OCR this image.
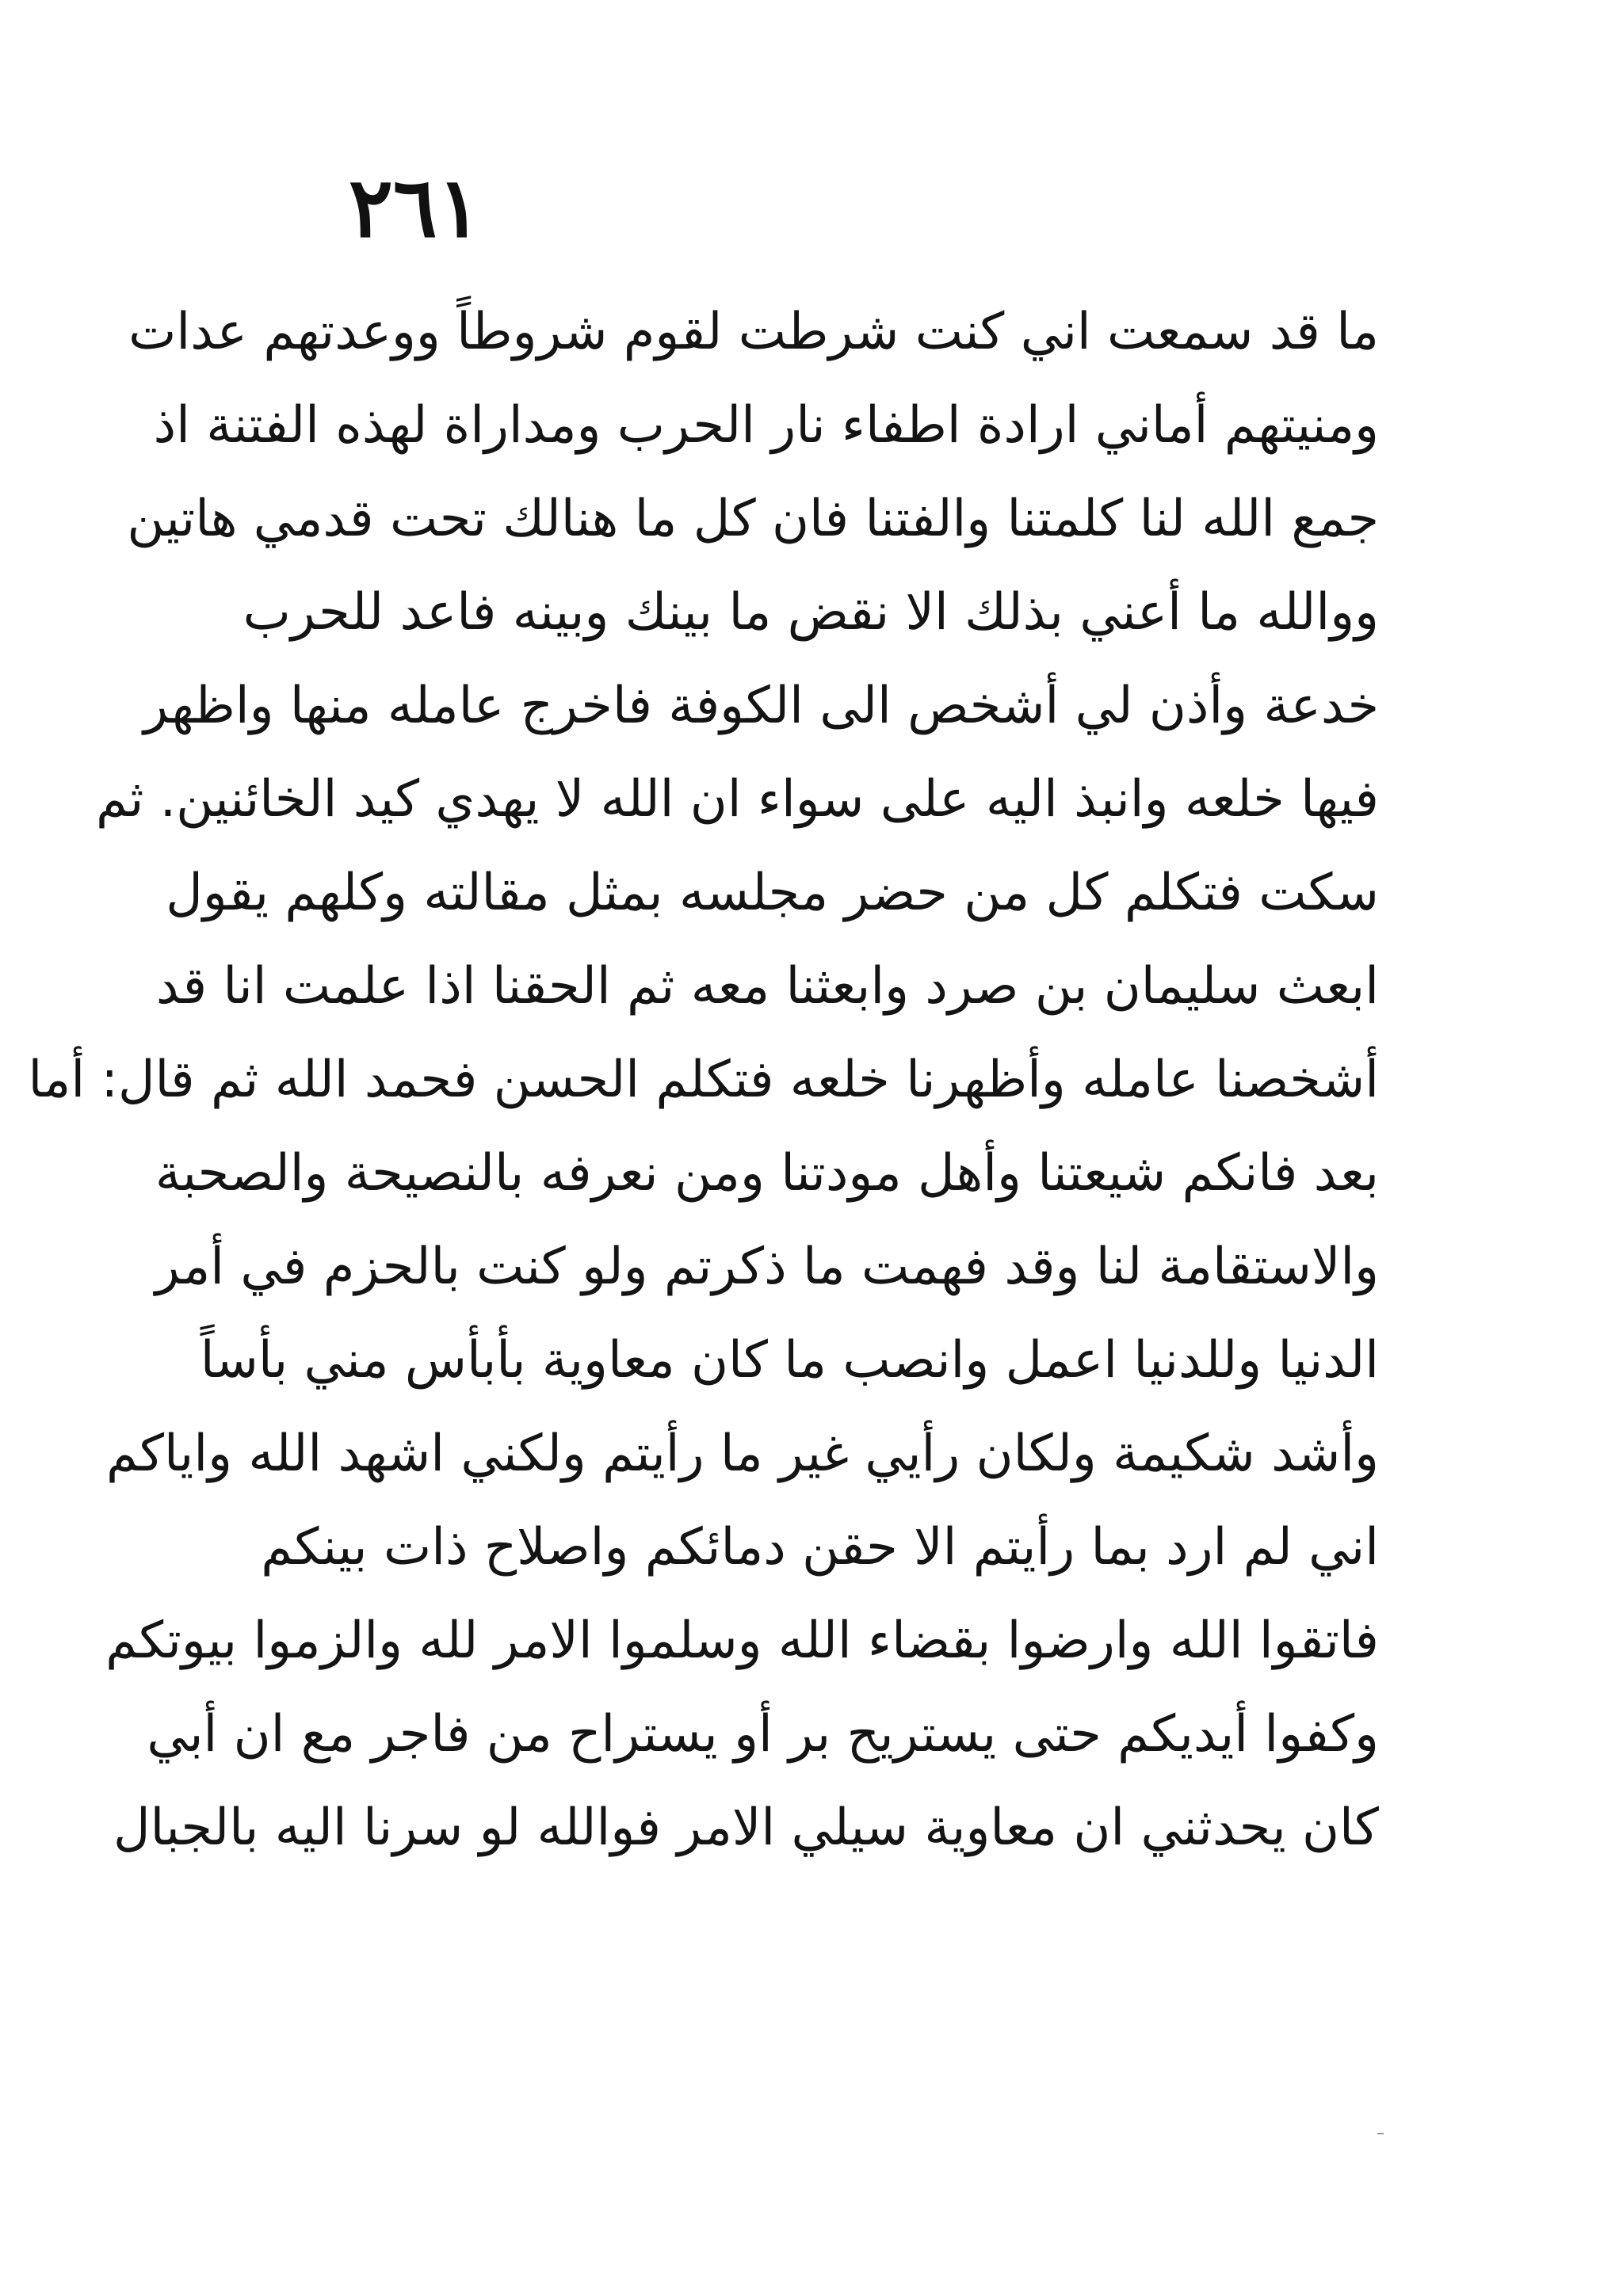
٢٦١
ما قد سمعت اني كنت شرطت لقوم شروطاً ووعدتهم عدات
ومنيتهم أماني ارادة اطفاء نار الحرب ومداراة لهذه الفتنة اذ
جمع الله لنا كلمتنا والفتنا فان كل ما هنالك تحت قدمي هاتين
ووالله ما أعني بذلك الا نقض ما بينك وبينه فاعد للحرب
خدعة وأذن لي أشخص الى الكوفة فاخرج عامله منها واظهر
فيها خلعه وانبذ اليه على سواء ان الله لا يهدي كيد الخائنين. ثم
سكت فتكلم كل من حضر مجلسه بمثل مقالته وكلهم يقول
ابعث سليمان بن صرد وابعثنا معه ثم الحقنا اذا علمت انا قد
أشخصنا عامله وأظهرنا خلعه فتكلم الحسن فحمد الله ثم قال: أما
بعد فانكم شيعتنا وأهل مودتنا ومن نعرفه بالنصيحة والصحبة
والاستقامة لنا وقد فهمت ما ذكرتم ولو كنت بالحزم في أمر
الدنيا وللدنيا اعمل وانصب ما كان معاوية بأبأس مني بأساً
وأشد شكيمة ولكان رأيي غير ما رأيتم ولكني اشهد الله واياكم
اني لم ارد بما رأيتم الا حقن دمائكم واصلاح ذات بينكم
فاتقوا الله وارضوا بقضاء الله وسلموا الامر لله والزموا بيوتكم
وكفوا أيديكم حتى يستريح بر أو يستراح من فاجر مع ان أبي
كان يحدثني ان معاوية سيلي الامر فوالله لو سرنا اليه بالجبال
